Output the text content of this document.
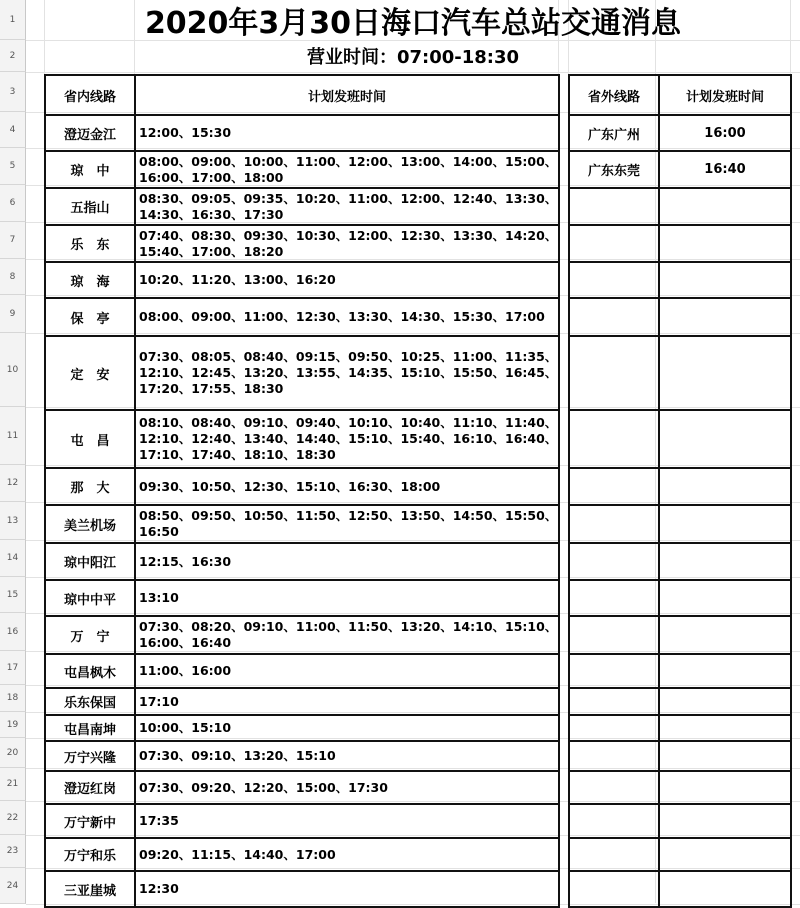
1
2
3
4
5
6
7
8
9
10
11
12
13
14
15
16
17
18
19
20
21
22
23
24
2020年3月30日海口汽车总站交通消息
营业时间：07:00-18:30
省内线路	计划发班时间
澄迈金江	12:00、15:30
琼　中	08:00、09:00、10:00、11:00、12:00、13:00、14:00、15:00、16:00、17:00、18:00
五指山	08:30、09:05、09:35、10:20、11:00、12:00、12:40、13:30、14:30、16:30、17:30
乐　东	07:40、08:30、09:30、10:30、12:00、12:30、13:30、14:20、15:40、17:00、18:20
琼　海	10:20、11:20、13:00、16:20
保　亭	08:00、09:00、11:00、12:30、13:30、14:30、15:30、17:00
定　安	07:30、08:05、08:40、09:15、09:50、10:25、11:00、11:35、12:10、12:45、13:20、13:55、14:35、15:10、15:50、16:45、17:20、17:55、18:30
屯　昌	08:10、08:40、09:10、09:40、10:10、10:40、11:10、11:40、12:10、12:40、13:40、14:40、15:10、15:40、16:10、16:40、17:10、17:40、18:10、18:30
那　大	09:30、10:50、12:30、15:10、16:30、18:00
美兰机场	08:50、09:50、10:50、11:50、12:50、13:50、14:50、15:50、16:50
琼中阳江	12:15、16:30
琼中中平	13:10
万　宁	07:30、08:20、09:10、11:00、11:50、13:20、14:10、15:10、16:00、16:40
屯昌枫木	11:00、16:00
乐东保国	17:10
屯昌南坤	10:00、15:10
万宁兴隆	07:30、09:10、13:20、15:10
澄迈红岗	07:30、09:20、12:20、15:00、17:30
万宁新中	17:35
万宁和乐	09:20、11:15、14:40、17:00
三亚崖城	12:30
省外线路	计划发班时间
广东广州	16:00
广东东莞	16:40
